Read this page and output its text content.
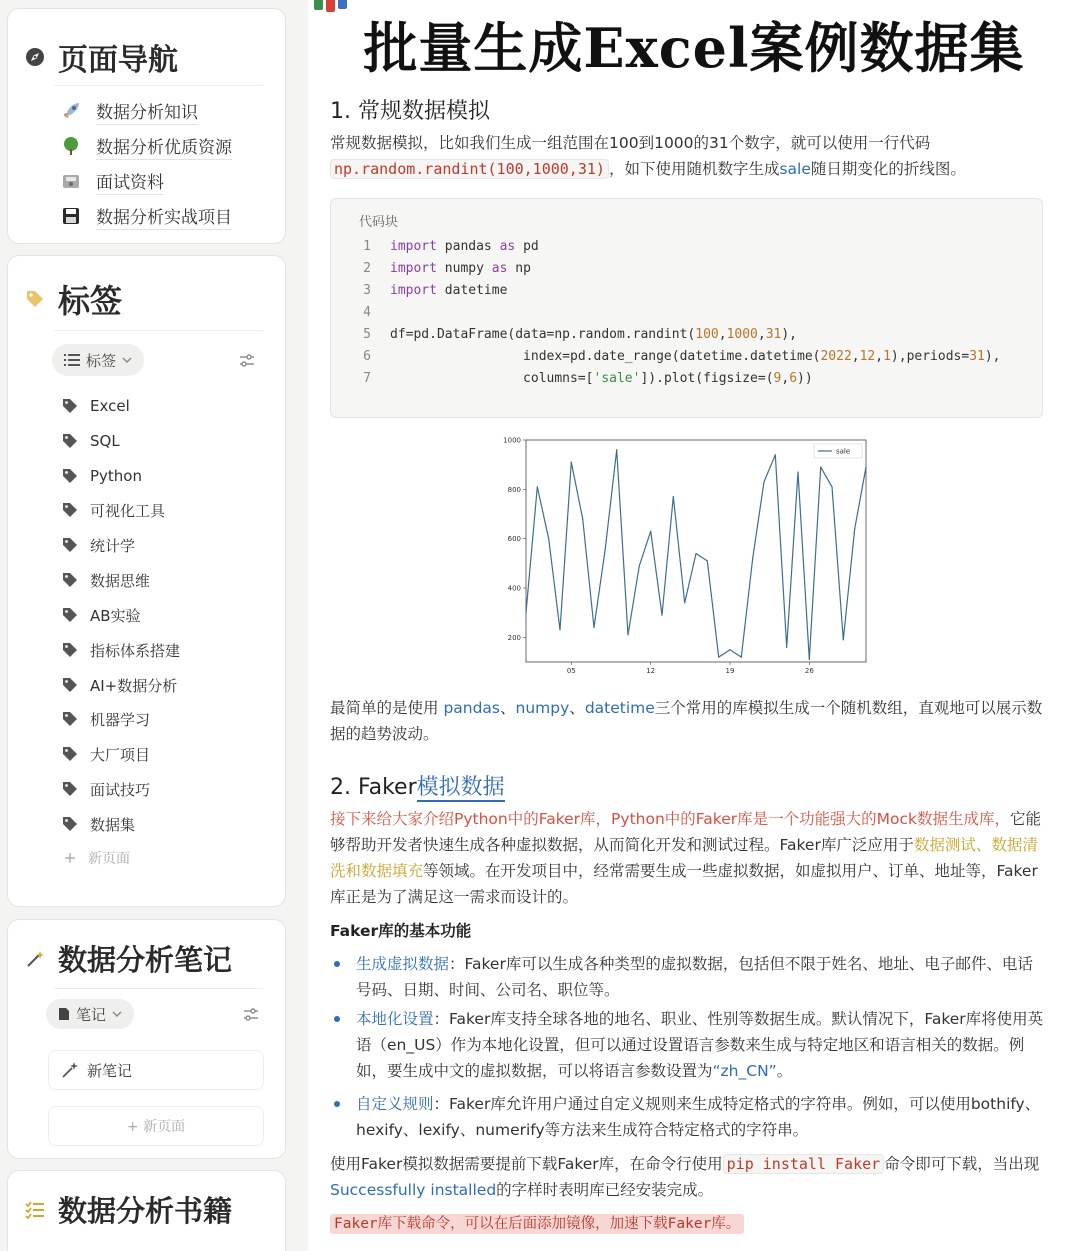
页面导航
数据分析知识
数据分析优质资源
面试资料
数据分析实战项目
标签
标签
Excel
SQL
Python
可视化工具
统计学
数据思维
AB实验
指标体系搭建
AI+数据分析
机器学习
大厂项目
面试技巧
数据集
新页面
数据分析笔记
笔记
新笔记
+ 新页面
数据分析书籍
批量生成Excel案例数据集
1. 常规数据模拟
常规数据模拟，比如我们生成一组范围在100到1000的31个数字，就可以使用一行代码
np.random.randint(100,1000,31) ，如下使用随机数字生成sale随日期变化的折线图。
代码块
1 import pandas as pd
2 import numpy as np
3 import datetime
4
5 df=pd.DataFrame(data=np.random.randint(100,1000,31),
6                 index=pd.date_range(datetime.datetime(2022,12,1),periods=31),
7                 columns=['sale']).plot(figsize=(9,6))
200
400
600
800
1000
05	12	19	26
sale
最简单的是使用 pandas、numpy、datetime三个常用的库模拟生成一个随机数组，直观地可以展示数据的趋势波动。
2. Faker模拟数据
接下来给大家介绍Python中的Faker库，Python中的Faker库是一个功能强大的Mock数据生成库，它能够帮助开发者快速生成各种虚拟数据，从而简化开发和测试过程。Faker库广泛应用于数据测试、数据清洗和数据填充等领域。在开发项目中，经常需要生成一些虚拟数据，如虚拟用户、订单、地址等，Faker库正是为了满足这一需求而设计的。
Faker库的基本功能
生成虚拟数据：Faker库可以生成各种类型的虚拟数据，包括但不限于姓名、地址、电子邮件、电话号码、日期、时间、公司名、职位等。
本地化设置：Faker库支持全球各地的地名、职业、性别等数据生成。默认情况下，Faker库将使用英语（en_US）作为本地化设置，但可以通过设置语言参数来生成与特定地区和语言相关的数据。例如，要生成中文的虚拟数据，可以将语言参数设置为“zh_CN”。
自定义规则：Faker库允许用户通过自定义规则来生成特定格式的字符串。例如，可以使用bothify、hexify、lexify、numerify等方法来生成符合特定格式的字符串。
使用Faker模拟数据需要提前下载Faker库，在命令行使用 pip install Faker 命令即可下载，当出现Successfully installed的字样时表明库已经安装完成。
Faker库下载命令，可以在后面添加镜像，加速下载Faker库。
